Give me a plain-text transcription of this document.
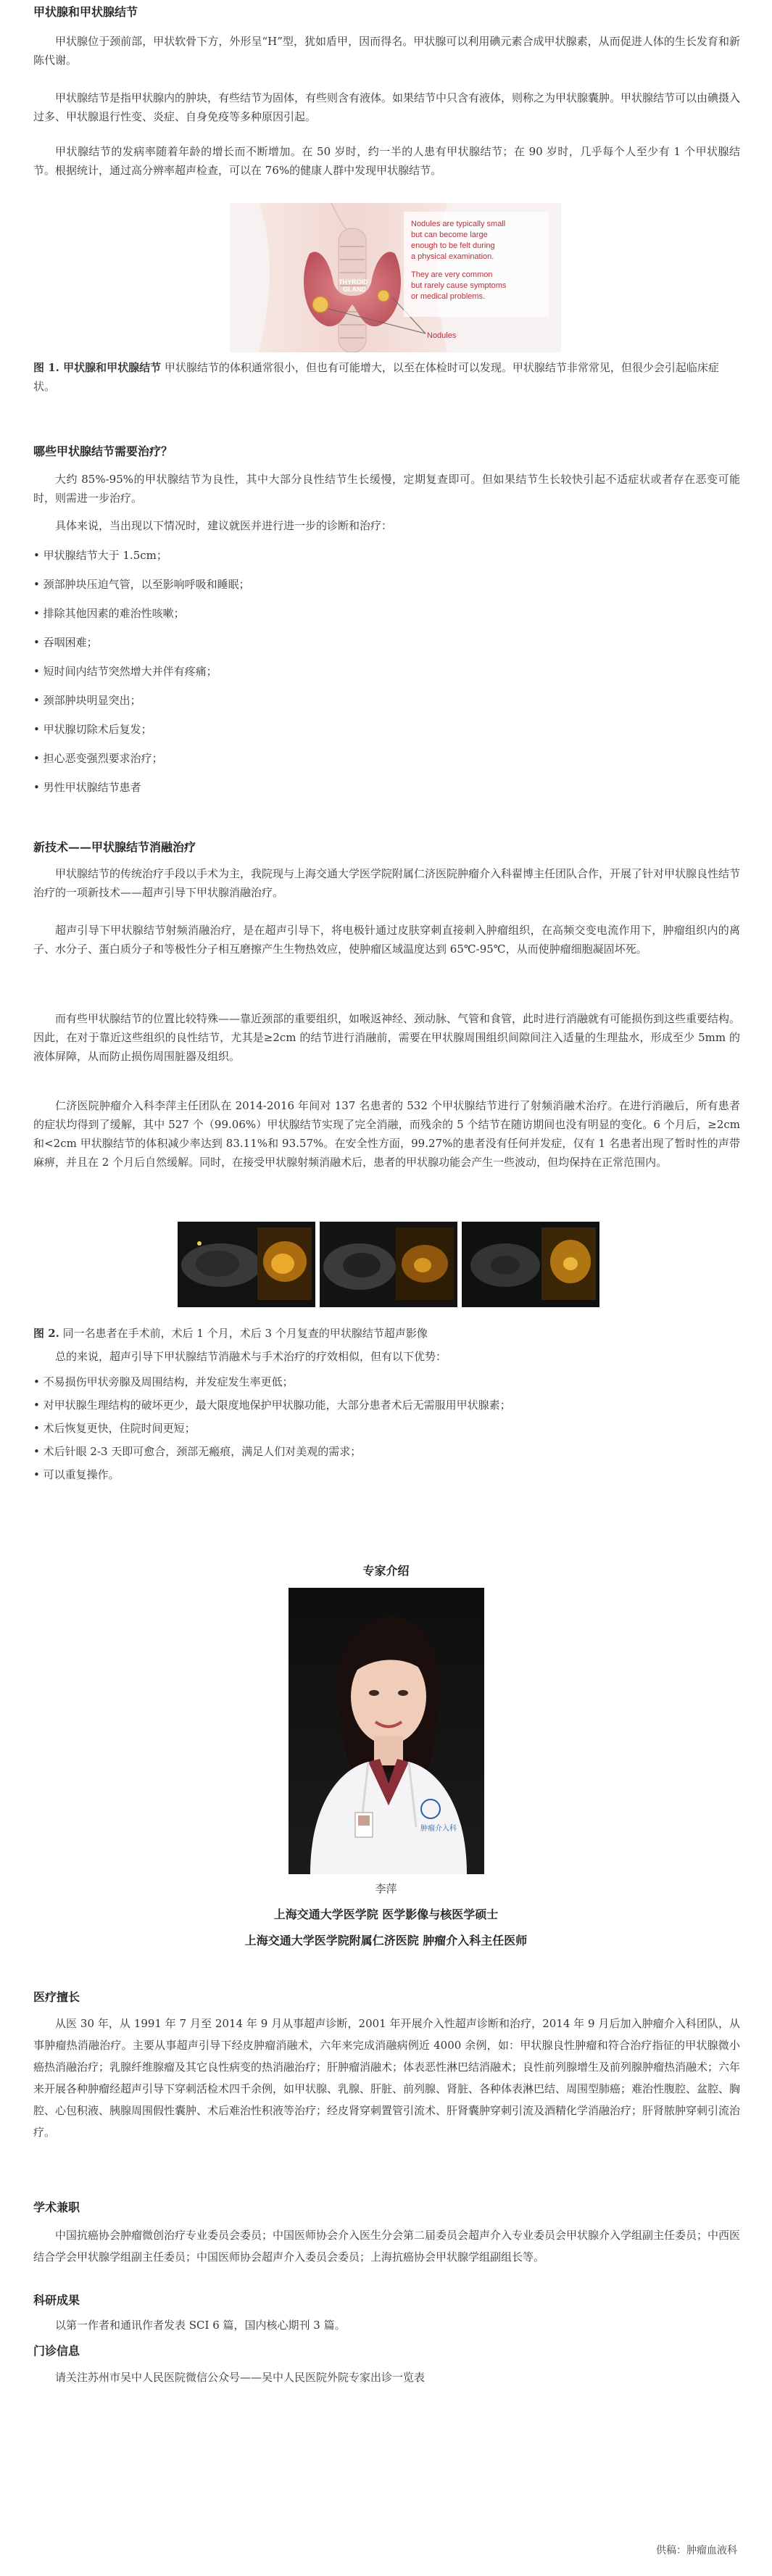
甲状腺和甲状腺结节

甲状腺位于颈前部，甲状软骨下方，外形呈“H”型，犹如盾甲，因而得名。甲状腺可以利用碘元素合成甲状腺素，从而促进人体的生长发育和新陈代谢。

甲状腺结节是指甲状腺内的肿块，有些结节为固体，有些则含有液体。如果结节中只含有液体，则称之为甲状腺囊肿。甲状腺结节可以由碘摄入过多、甲状腺退行性变、炎症、自身免疫等多种原因引起。

甲状腺结节的发病率随着年龄的增长而不断增加。在 50 岁时，约一半的人患有甲状腺结节；在 90 岁时，几乎每个人至少有 1 个甲状腺结节。根据统计，通过高分辨率超声检查，可以在 76%的健康人群中发现甲状腺结节。

THYROID
GLAND
Nodules
Nodules are typically small
but can become large
enough to be felt during
a physical examination.
They are very common
but rarely cause symptoms
or medical problems.

图 1. 甲状腺和甲状腺结节 甲状腺结节的体积通常很小，但也有可能增大，以至在体检时可以发现。甲状腺结节非常常见，但很少会引起临床症状。

哪些甲状腺结节需要治疗？

大约 85%-95%的甲状腺结节为良性，其中大部分良性结节生长缓慢，定期复查即可。但如果结节生长较快引起不适症状或者存在恶变可能时，则需进一步治疗。

具体来说，当出现以下情况时，建议就医并进行进一步的诊断和治疗：

• 甲状腺结节大于 1.5cm；
• 颈部肿块压迫气管，以至影响呼吸和睡眠；
• 排除其他因素的难治性咳嗽；
• 吞咽困难；
• 短时间内结节突然增大并伴有疼痛；
• 颈部肿块明显突出；
• 甲状腺切除术后复发；
• 担心恶变强烈要求治疗；
• 男性甲状腺结节患者
新技术——甲状腺结节消融治疗

甲状腺结节的传统治疗手段以手术为主，我院现与上海交通大学医学院附属仁济医院肿瘤介入科翟博主任团队合作，开展了针对甲状腺良性结节治疗的一项新技术——超声引导下甲状腺消融治疗。

超声引导下甲状腺结节射频消融治疗，是在超声引导下，将电极针通过皮肤穿刺直接刺入肿瘤组织，在高频交变电流作用下，肿瘤组织内的离子、水分子、蛋白质分子和等极性分子相互磨擦产生生物热效应，使肿瘤区域温度达到 65℃-95℃，从而使肿瘤细胞凝固坏死。

而有些甲状腺结节的位置比较特殊——靠近颈部的重要组织，如喉返神经、颈动脉、气管和食管，此时进行消融就有可能损伤到这些重要结构。因此，在对于靠近这些组织的良性结节，尤其是≥2cm 的结节进行消融前，需要在甲状腺周围组织间隙间注入适量的生理盐水，形成至少 5mm 的液体屏障，从而防止损伤周围脏器及组织。

仁济医院肿瘤介入科李萍主任团队在 2014-2016 年间对 137 名患者的 532 个甲状腺结节进行了射频消融术治疗。在进行消融后，所有患者的症状均得到了缓解，其中 527 个（99.06%）甲状腺结节实现了完全消融，而残余的 5 个结节在随访期间也没有明显的变化。6 个月后，≥2cm 和<2cm 甲状腺结节的体积减少率达到 83.11%和 93.57%。在安全性方面，99.27%的患者没有任何并发症，仅有 1 名患者出现了暂时性的声带麻痹，并且在 2 个月后自然缓解。同时，在接受甲状腺射频消融术后，患者的甲状腺功能会产生一些波动，但均保持在正常范围内。

图 2. 同一名患者在手术前，术后 1 个月，术后 3 个月复查的甲状腺结节超声影像

总的来说，超声引导下甲状腺结节消融术与手术治疗的疗效相似，但有以下优势：

• 不易损伤甲状旁腺及周围结构，并发症发生率更低；
• 对甲状腺生理结构的破坏更少，最大限度地保护甲状腺功能，大部分患者术后无需服用甲状腺素；
• 术后恢复更快，住院时间更短；
• 术后针眼 2-3 天即可愈合，颈部无瘢痕，满足人们对美观的需求；
• 可以重复操作。
专家介绍
肿瘤介入科
李萍
上海交通大学医学院 医学影像与核医学硕士
上海交通大学医学院附属仁济医院 肿瘤介入科主任医师
医疗擅长

从医 30 年，从 1991 年 7 月至 2014 年 9 月从事超声诊断，2001 年开展介入性超声诊断和治疗，2014 年 9 月后加入肿瘤介入科团队，从事肿瘤热消融治疗。主要从事超声引导下经皮肿瘤消融术，六年来完成消融病例近 4000 余例，如：甲状腺良性肿瘤和符合治疗指征的甲状腺微小癌热消融治疗；乳腺纤维腺瘤及其它良性病变的热消融治疗；肝肿瘤消融术；体表恶性淋巴结消融术；良性前列腺增生及前列腺肿瘤热消融术；六年来开展各种肿瘤经超声引导下穿刺活检术四千余例，如甲状腺、乳腺、肝脏、前列腺、肾脏、各种体表淋巴结、周围型肺癌；难治性腹腔、盆腔、胸腔、心包积液、胰腺周围假性囊肿、术后难治性积液等治疗；经皮肾穿刺置管引流术、肝肾囊肿穿刺引流及酒精化学消融治疗；肝肾脓肿穿刺引流治疗。

学术兼职

中国抗癌协会肿瘤微创治疗专业委员会委员；中国医师协会介入医生分会第二届委员会超声介入专业委员会甲状腺介入学组副主任委员；中西医结合学会甲状腺学组副主任委员；中国医师协会超声介入委员会委员；上海抗癌协会甲状腺学组副组长等。

科研成果

以第一作者和通讯作者发表 SCI 6 篇，国内核心期刊 3 篇。

门诊信息

请关注苏州市吴中人民医院微信公众号——吴中人民医院外院专家出诊一览表

供稿：肿瘤血液科
